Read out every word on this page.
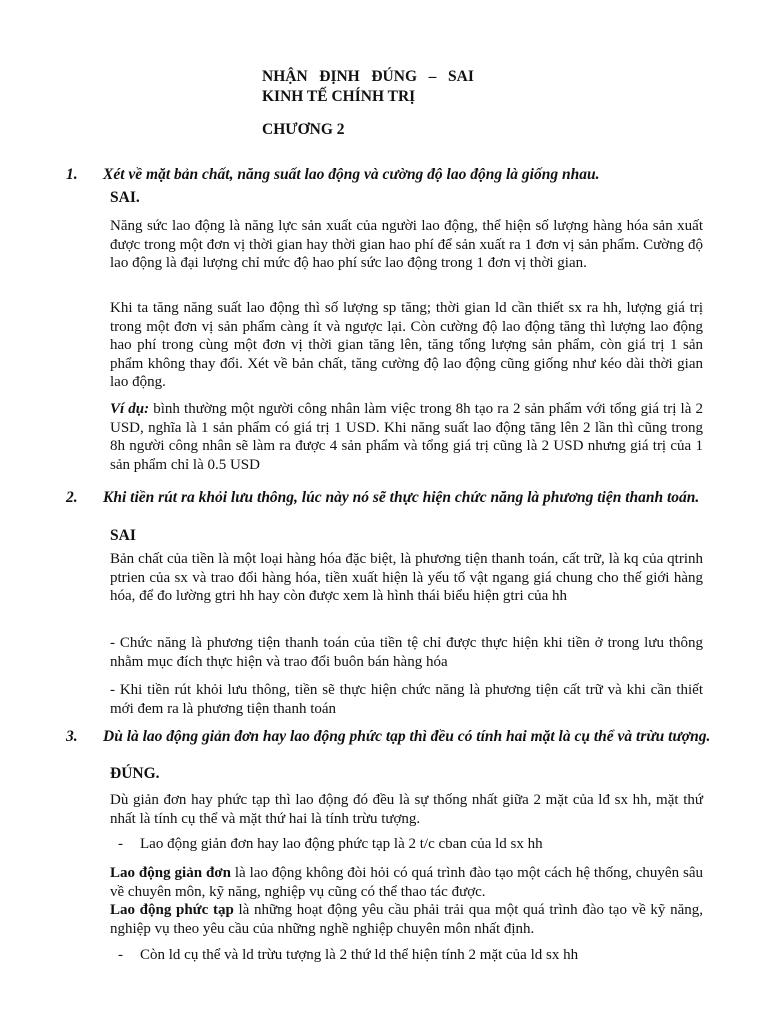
NHẬN   ĐỊNH   ĐÚNG   –   SAI
KINH TẾ CHÍNH TRỊ
CHƯƠNG 2
1. Xét về mặt bản chất, năng suất lao động và cường độ lao động là giống nhau.
SAI.

Năng sức lao động là năng lực sản xuất của người lao động, thể hiện số lượng hàng hóa sản xuất được trong một đơn vị thời gian hay thời gian hao phí để sản xuất ra 1 đơn vị sản phẩm. Cường độ lao động là đại lượng chỉ mức độ hao phí sức lao động trong 1 đơn vị thời gian.

Khi ta tăng năng suất lao động thì số lượng sp tăng; thời gian ld cần thiết sx ra hh, lượng giá trị trong một đơn vị sản phẩm càng ít và ngược lại. Còn cường độ lao động tăng thì lượng lao động hao phí trong cùng một đơn vị thời gian tăng lên, tăng tổng lượng sản phẩm, còn giá trị 1 sản phẩm không thay đổi. Xét về bản chất, tăng cường độ lao động cũng giống như kéo dài thời gian lao động.

Ví dụ: bình thường một người công nhân làm việc trong 8h tạo ra 2 sản phẩm với tổng giá trị là 2 USD, nghĩa là 1 sản phẩm có giá trị 1 USD. Khi năng suất lao động tăng lên 2 lần thì cũng trong 8h người công nhân sẽ làm ra được 4 sản phẩm và tổng giá trị cũng là 2 USD nhưng giá trị của 1 sản phẩm chỉ là 0.5 USD

2. Khi tiền rút ra khỏi lưu thông, lúc này nó sẽ thực hiện chức năng là phương tiện thanh toán.
SAI

Bản chất của tiền là một loại hàng hóa đặc biệt, là phương tiện thanh toán, cất trữ, là kq của qtrinh ptrien của sx và trao đổi hàng hóa, tiền xuất hiện là yếu tố vật ngang giá chung cho thế giới hàng hóa, để đo lường gtri hh hay còn được xem là hình thái biểu hiện gtri của hh

- Chức năng là phương tiện thanh toán của tiền tệ chỉ được thực hiện khi tiền ở trong lưu thông nhằm mục đích thực hiện và trao đổi buôn bán hàng hóa

- Khi tiền rút khỏi lưu thông, tiền sẽ thực hiện chức năng là phương tiện cất trữ và khi cần thiết mới đem ra là phương tiện thanh toán

3. Dù là lao động giản đơn hay lao động phức tạp thì đều có tính hai mặt là cụ thể và trừu tượng.
ĐÚNG.

Dù giản đơn hay phức tạp thì lao động đó đều là sự thống nhất giữa 2 mặt của lđ sx hh, mặt thứ nhất là tính cụ thể và mặt thứ hai là tính trừu tượng.

- Lao động giản đơn hay lao động phức tạp là 2 t/c cban của ld sx hh

Lao động giản đơn là lao động không đòi hỏi có quá trình đào tạo một cách hệ thống, chuyên sâu về chuyên môn, kỹ năng, nghiệp vụ cũng có thể thao tác được.

Lao động phức tạp là những hoạt động yêu cầu phải trải qua một quá trình đào tạo về kỹ năng, nghiệp vụ theo yêu cầu của những nghề nghiệp chuyên môn nhất định.

- Còn ld cụ thể và ld trừu tượng là 2 thứ ld thể hiện tính 2 mặt của ld sx hh
